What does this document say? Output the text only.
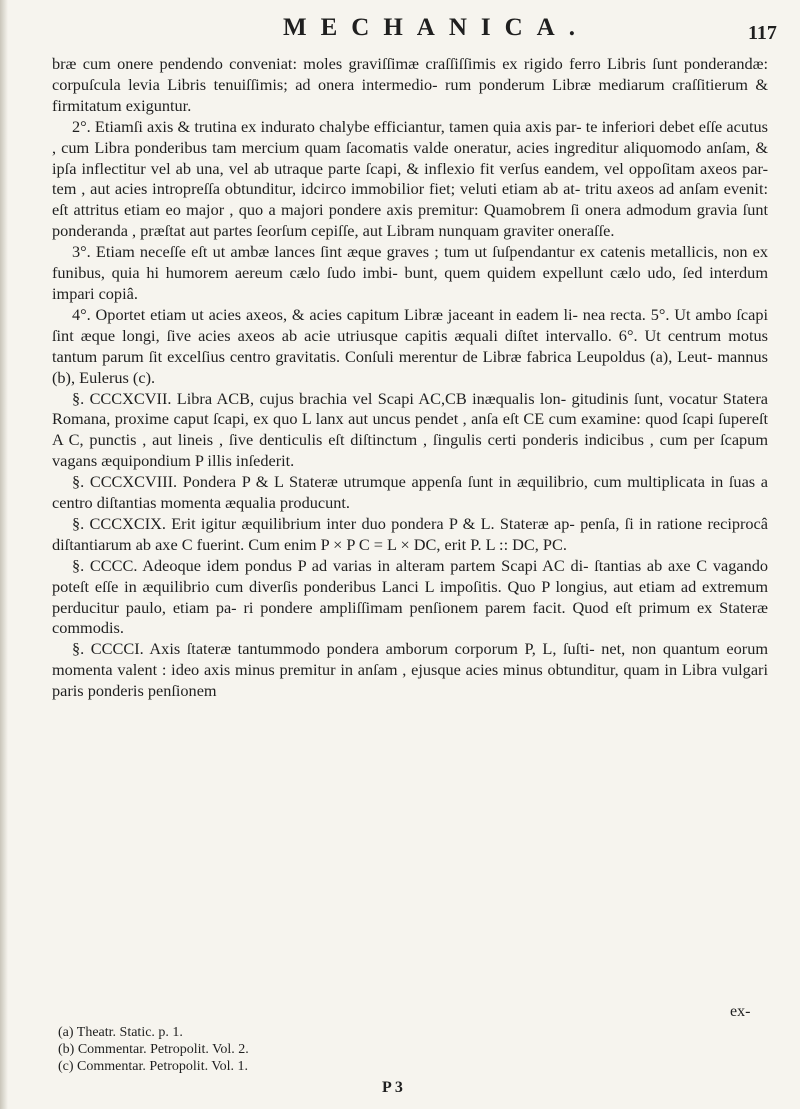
MECHANICA.	117

bræ cum onere pendendo conveniat: moles graviſſimæ craſſiſſimis ex rigido ferro Libris ſunt ponderandæ: corpuſcula levia Libris tenuiſſimis; ad onera intermedio- rum ponderum Libræ mediarum craſſitierum & firmitatum exiguntur.

2°. Etiamſi axis & trutina ex indurato chalybe efficiantur, tamen quia axis par- te inferiori debet eſſe acutus , cum Libra ponderibus tam mercium quam ſacomatis valde oneratur, acies ingreditur aliquomodo anſam, & ipſa inflectitur vel ab una, vel ab utraque parte ſcapi, & inflexio fit verſus eandem, vel oppoſitam axeos par- tem , aut acies intropreſſa obtunditur, idcirco immobilior fiet; veluti etiam ab at- tritu axeos ad anſam evenit: eſt attritus etiam eo major , quo a majori pondere axis premitur: Quamobrem ſi onera admodum gravia ſunt ponderanda , præſtat aut partes ſeorſum cepiſſe, aut Libram nunquam graviter oneraſſe.

3°. Etiam neceſſe eſt ut ambæ lances ſint æque graves ; tum ut ſuſpendantur ex catenis metallicis, non ex funibus, quia hi humorem aereum cælo ſudo imbi- bunt, quem quidem expellunt cælo udo, ſed interdum impari copiâ.

4°. Oportet etiam ut acies axeos, & acies capitum Libræ jaceant in eadem li- nea recta. 5°. Ut ambo ſcapi ſint æque longi, ſive acies axeos ab acie utriusque capitis æquali diſtet intervallo. 6°. Ut centrum motus tantum parum ſit excelſius centro gravitatis. Conſuli merentur de Libræ fabrica Leupoldus (a), Leut- mannus (b), Eulerus (c).

§. CCCXCVII. Libra ACB, cujus brachia vel Scapi AC,CB inæqualis lon- gitudinis ſunt, vocatur Statera Romana, proxime caput ſcapi, ex quo L lanx aut uncus pendet , anſa eſt CE cum examine: quod ſcapi ſupereſt A C, punctis , aut lineis , ſive denticulis eſt diſtinctum , ſingulis certi ponderis indicibus , cum per ſcapum vagans æquipondium P illis inſederit.

§. CCCXCVIII. Pondera P & L Stateræ utrumque appenſa ſunt in æquilibrio, cum multiplicata in ſuas a centro diſtantias momenta æqualia producunt.

§. CCCXCIX. Erit igitur æquilibrium inter duo pondera P & L. Stateræ ap- penſa, ſi in ratione reciprocâ diſtantiarum ab axe C fuerint. Cum enim P × P C = L × DC, erit P. L :: DC, PC.

§. CCCC. Adeoque idem pondus P ad varias in alteram partem Scapi AC di- ſtantias ab axe C vagando poteſt eſſe in æquilibrio cum diverſis ponderibus Lanci L impoſitis. Quo P longius, aut etiam ad extremum perducitur paulo, etiam pa- ri pondere ampliſſimam penſionem parem facit. Quod eſt primum ex Stateræ commodis.

§. CCCCI. Axis ſtateræ tantummodo pondera amborum corporum P, L, ſuſti- net, non quantum eorum momenta valent : ideo axis minus premitur in anſam , ejusque acies minus obtunditur, quam in Libra vulgari paris ponderis penſionem

ex-
(a) Theatr. Static. p. 1.
(b) Commentar. Petropolit. Vol. 2.
(c) Commentar. Petropolit. Vol. 1.
P 3
